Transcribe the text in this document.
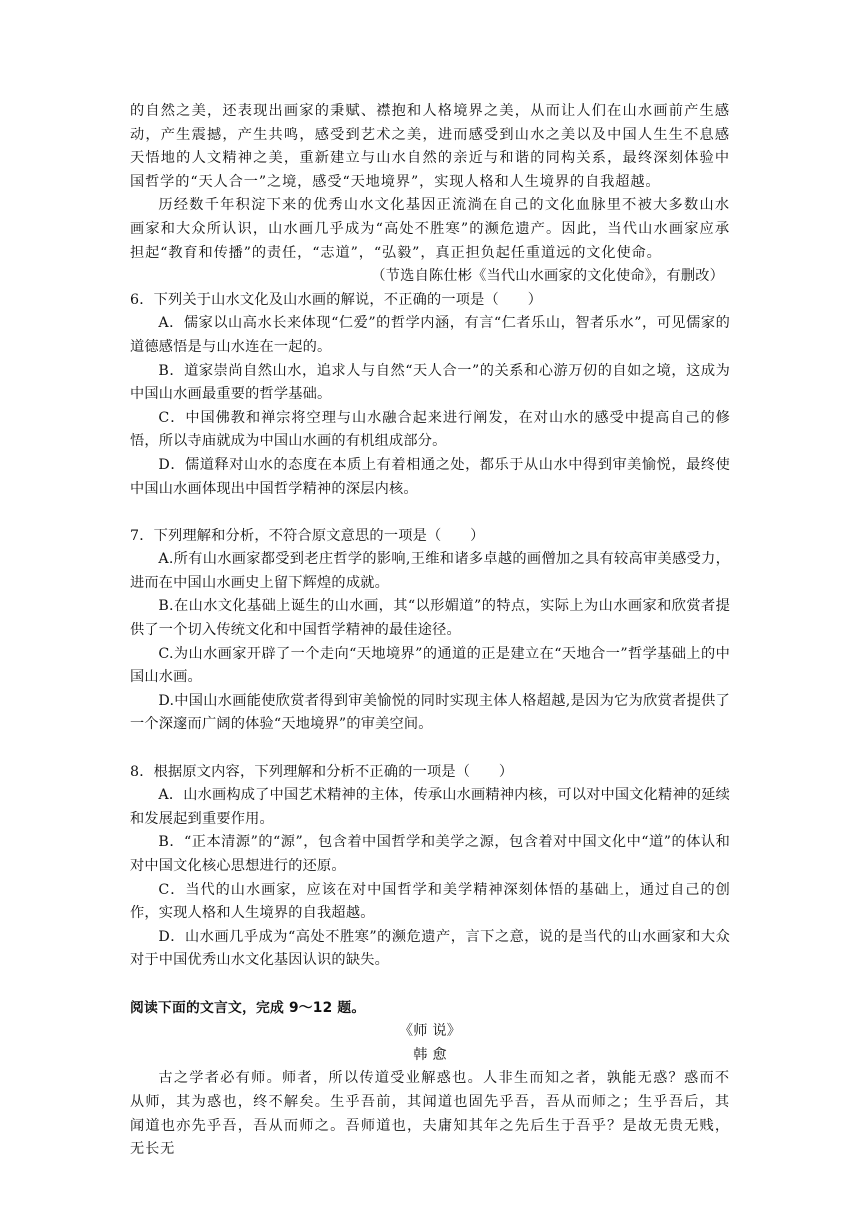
的自然之美，还表现出画家的秉赋、襟抱和人格境界之美，从而让人们在山水画前产生感动，产生震撼，产生共鸣，感受到艺术之美，进而感受到山水之美以及中国人生生不息感天悟地的人文精神之美，重新建立与山水自然的亲近与和谐的同构关系，最终深刻体验中国哲学的“天人合一”之境，感受“天地境界”，实现人格和人生境界的自我超越。

历经数千年积淀下来的优秀山水文化基因正流淌在自己的文化血脉里不被大多数山水画家和大众所认识，山水画几乎成为“高处不胜寒”的濒危遗产。因此，当代山水画家应承担起“教育和传播”的责任，“志道”，“弘毅”，真正担负起任重道远的文化使命。

（节选自陈仕彬《当代山水画家的文化使命》，有删改）

6．下列关于山水文化及山水画的解说，不正确的一项是（　　）

A．儒家以山高水长来体现“仁爱”的哲学内涵，有言“仁者乐山，智者乐水”，可见儒家的道德感悟是与山水连在一起的。

B．道家崇尚自然山水，追求人与自然“天人合一”的关系和心游万仞的自如之境，这成为中国山水画最重要的哲学基础。

C．中国佛教和禅宗将空理与山水融合起来进行阐发，在对山水的感受中提高自己的修悟，所以寺庙就成为中国山水画的有机组成部分。

D．儒道释对山水的态度在本质上有着相通之处，都乐于从山水中得到审美愉悦，最终使中国山水画体现出中国哲学精神的深层内核。

7．下列理解和分析，不符合原文意思的一项是（　　）

A.所有山水画家都受到老庄哲学的影响,王维和诸多卓越的画僧加之具有较高审美感受力，进而在中国山水画史上留下辉煌的成就。

B.在山水文化基础上诞生的山水画，其“以形媚道”的特点，实际上为山水画家和欣赏者提供了一个切入传统文化和中国哲学精神的最佳途径。

C.为山水画家开辟了一个走向“天地境界”的通道的正是建立在“天地合一”哲学基础上的中国山水画。

D.中国山水画能使欣赏者得到审美愉悦的同时实现主体人格超越,是因为它为欣赏者提供了一个深邃而广阔的体验“天地境界”的审美空间。

8．根据原文内容，下列理解和分析不正确的一项是（　　）

A．山水画构成了中国艺术精神的主体，传承山水画精神内核，可以对中国文化精神的延续和发展起到重要作用。

B．“正本清源”的“源”，包含着中国哲学和美学之源，包含着对中国文化中“道”的体认和对中国文化核心思想进行的还原。

C．当代的山水画家，应该在对中国哲学和美学精神深刻体悟的基础上，通过自己的创作，实现人格和人生境界的自我超越。

D．山水画几乎成为“高处不胜寒”的濒危遗产，言下之意，说的是当代的山水画家和大众对于中国优秀山水文化基因认识的缺失。

阅读下面的文言文，完成 9～12 题。

《师 说》

韩 愈

古之学者必有师。师者，所以传道受业解惑也。人非生而知之者，孰能无惑？惑而不从师，其为惑也，终不解矣。生乎吾前，其闻道也固先乎吾，吾从而师之；生乎吾后，其闻道也亦先乎吾，吾从而师之。吾师道也，夫庸知其年之先后生于吾乎？是故无贵无贱，无长无
